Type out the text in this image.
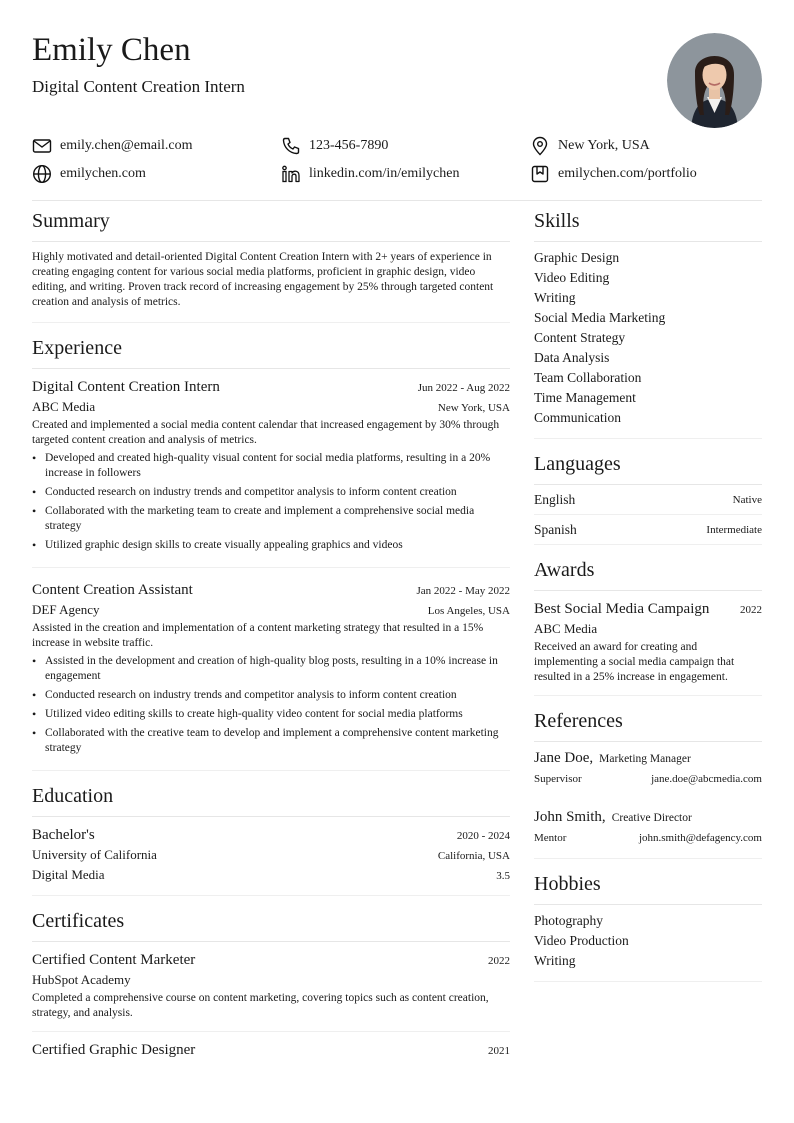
Emily Chen
Digital Content Creation Intern
emily.chen@email.com	123-456-7890	New York, USA
emilychen.com	linkedin.com/in/emilychen	emilychen.com/portfolio
Summary
Highly motivated and detail-oriented Digital Content Creation Intern with 2+ years of experience in creating engaging content for various social media platforms, proficient in graphic design, video editing, and writing. Proven track record of increasing engagement by 25% through targeted content creation and analysis of metrics.
Experience
Digital Content Creation Intern	Jun 2022 - Aug 2022
ABC Media	New York, USA
Created and implemented a social media content calendar that increased engagement by 30% through targeted content creation and analysis of metrics.
• Developed and created high-quality visual content for social media platforms, resulting in a 20% increase in followers
• Conducted research on industry trends and competitor analysis to inform content creation
• Collaborated with the marketing team to create and implement a comprehensive social media strategy
• Utilized graphic design skills to create visually appealing graphics and videos
Content Creation Assistant	Jan 2022 - May 2022
DEF Agency	Los Angeles, USA
Assisted in the creation and implementation of a content marketing strategy that resulted in a 15% increase in website traffic.
• Assisted in the development and creation of high-quality blog posts, resulting in a 10% increase in engagement
• Conducted research on industry trends and competitor analysis to inform content creation
• Utilized video editing skills to create high-quality video content for social media platforms
• Collaborated with the creative team to develop and implement a comprehensive content marketing strategy
Education
Bachelor's	2020 - 2024
University of California	California, USA
Digital Media	3.5
Certificates
Certified Content Marketer	2022
HubSpot Academy
Completed a comprehensive course on content marketing, covering topics such as content creation, strategy, and analysis.
Certified Graphic Designer	2021
Skills
Graphic Design
Video Editing
Writing
Social Media Marketing
Content Strategy
Data Analysis
Team Collaboration
Time Management
Communication
Languages
English	Native
Spanish	Intermediate
Awards
Best Social Media Campaign	2022
ABC Media
Received an award for creating and implementing a social media campaign that resulted in a 25% increase in engagement.
References
Jane Doe, Marketing Manager
Supervisor	jane.doe@abcmedia.com
John Smith, Creative Director
Mentor	john.smith@defagency.com
Hobbies
Photography
Video Production
Writing
